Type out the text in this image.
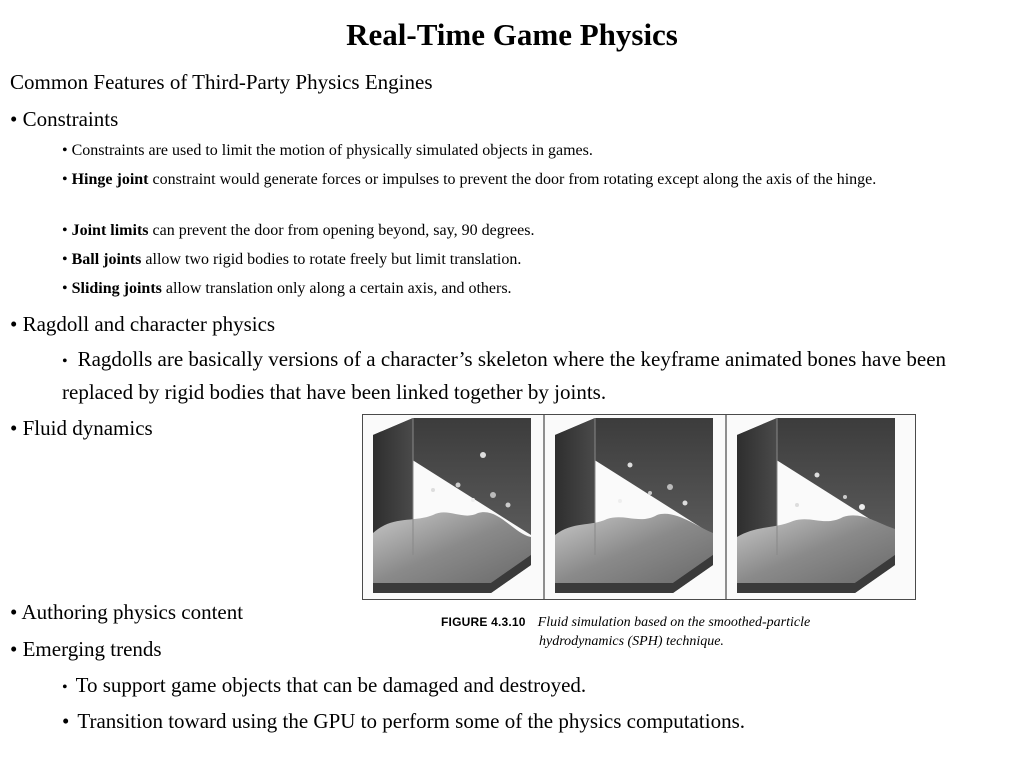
Real-Time Game Physics
Common Features of Third-Party Physics Engines
• Constraints
• Constraints are used to limit the motion of physically simulated objects in games.
• Hinge joint constraint would generate forces or impulses to prevent the door from rotating except along the axis of the hinge.
• Joint limits can prevent the door from opening beyond, say, 90 degrees.
• Ball joints allow two rigid bodies to rotate freely but limit translation.
• Sliding joints allow translation only along a certain axis, and others.
• Ragdoll and character physics
• Ragdolls are basically versions of a character’s skeleton where the keyframe animated bones have been replaced by rigid bodies that have been linked together by joints.
• Fluid dynamics
FIGURE 4.3.10 Fluid simulation based on the smoothed-particle
hydrodynamics (SPH) technique.
• Authoring physics content
• Emerging trends
• To support game objects that can be damaged and destroyed.
• Transition toward using the GPU to perform some of the physics computations.
